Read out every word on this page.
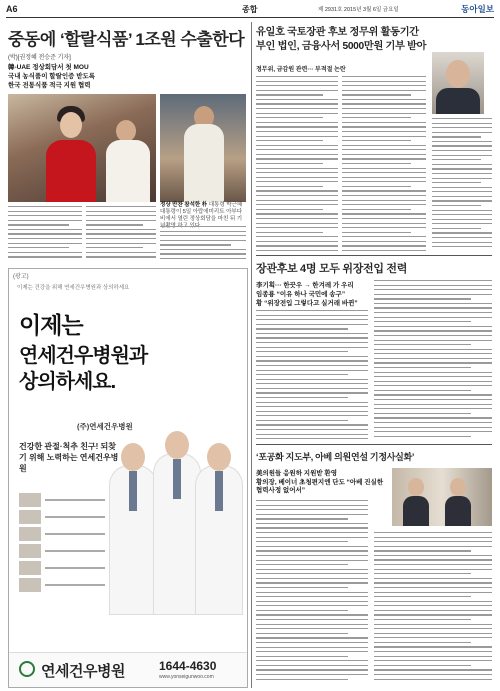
A6	종합	제 2931호 2015년 3월 6일 금요일	동아일보
중동에 ‘할랄식품’ 1조원 수출한다
(박)[권정혜 전승준 기자]
韓-UAE 정상회담서 첫 MOU
국내 농식품이 할랄인증 받도록
한국 전통식품 적극 지원 협력
정상 만찬 참석한 朴 대통령 박근혜 대통령이 5일 아랍에미리트 아부다비에서 열린 정상회담을 마친 뒤 기
(광고)
이제는 건강을 위해 연세건우병원과 상의하세요
이제는
연세건우병원과
상의하세요.
(주)연세건우병원
건강한 관절·척추 친구! 되찾기 위해 노력하는 연세건우병원
연세건우병원	1644-4630
www.yonseigunwoo.com
유일호 국토장관 후보 정무위 활동기간
부인 법인, 금융사서 5000만원 기부 받아
정무위, 금감원 관련··· 부적절 논란
장관후보 4명 모두 위장전입 전력
李기획··· 한끗우 → 한겨레 가 우리
임종룡 “이유 하나 국민에 송구”
황 “위장전입 그렇다고 실거래 바뀐”
‘포공화 지도부, 아베 의원연설 기정사실화’
美의원들 응원하 지원받 환영
황의장, 베이너 초청편지엔 단도 “아베 진실한 협력사정 없어서”
